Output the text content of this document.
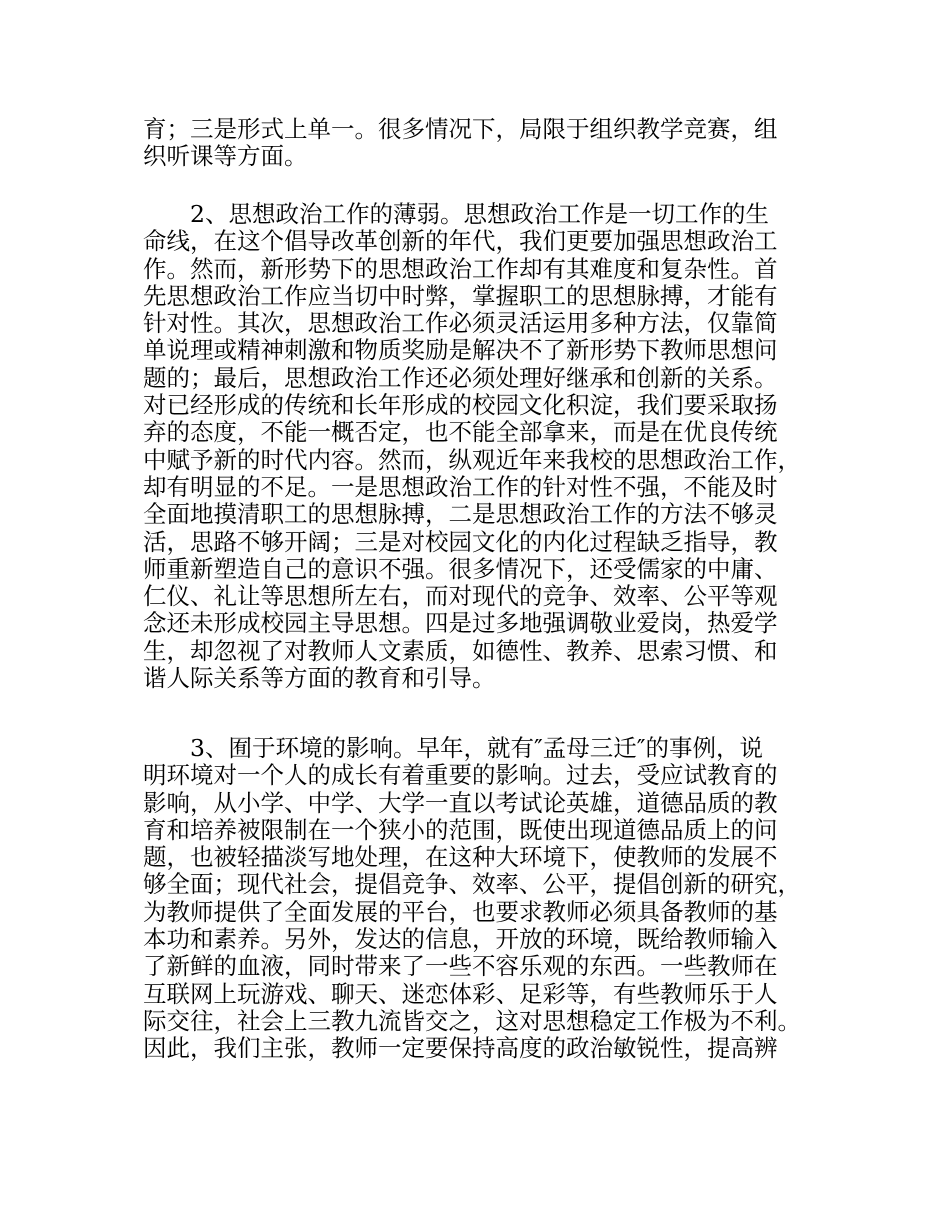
育；三是形式上单一。很多情况下，局限于组织教学竞赛，组
织听课等方面。
2、思想政治工作的薄弱。思想政治工作是一切工作的生
命线，在这个倡导改革创新的年代，我们更要加强思想政治工
作。然而，新形势下的思想政治工作却有其难度和复杂性。首
先思想政治工作应当切中时弊，掌握职工的思想脉搏，才能有
针对性。其次，思想政治工作必须灵活运用多种方法，仅靠简
单说理或精神刺激和物质奖励是解决不了新形势下教师思想问
题的；最后，思想政治工作还必须处理好继承和创新的关系。
对已经形成的传统和长年形成的校园文化积淀，我们要采取扬
弃的态度，不能一概否定，也不能全部拿来，而是在优良传统
中赋予新的时代内容。然而，纵观近年来我校的思想政治工作，
却有明显的不足。一是思想政治工作的针对性不强，不能及时
全面地摸清职工的思想脉搏，二是思想政治工作的方法不够灵
活，思路不够开阔；三是对校园文化的内化过程缺乏指导，教
师重新塑造自己的意识不强。很多情况下，还受儒家的中庸、
仁仪、礼让等思想所左右，而对现代的竞争、效率、公平等观
念还未形成校园主导思想。四是过多地强调敬业爱岗，热爱学
生，却忽视了对教师人文素质，如德性、教养、思索习惯、和
谐人际关系等方面的教育和引导。
3、囿于环境的影响。早年，就有″孟母三迁″的事例，说
明环境对一个人的成长有着重要的影响。过去，受应试教育的
影响，从小学、中学、大学一直以考试论英雄，道德品质的教
育和培养被限制在一个狭小的范围，既使出现道德品质上的问
题，也被轻描淡写地处理，在这种大环境下，使教师的发展不
够全面；现代社会，提倡竞争、效率、公平，提倡创新的研究，
为教师提供了全面发展的平台，也要求教师必须具备教师的基
本功和素养。另外，发达的信息，开放的环境，既给教师输入
了新鲜的血液，同时带来了一些不容乐观的东西。一些教师在
互联网上玩游戏、聊天、迷恋体彩、足彩等，有些教师乐于人
际交往，社会上三教九流皆交之，这对思想稳定工作极为不利。
因此，我们主张，教师一定要保持高度的政治敏锐性，提高辨
